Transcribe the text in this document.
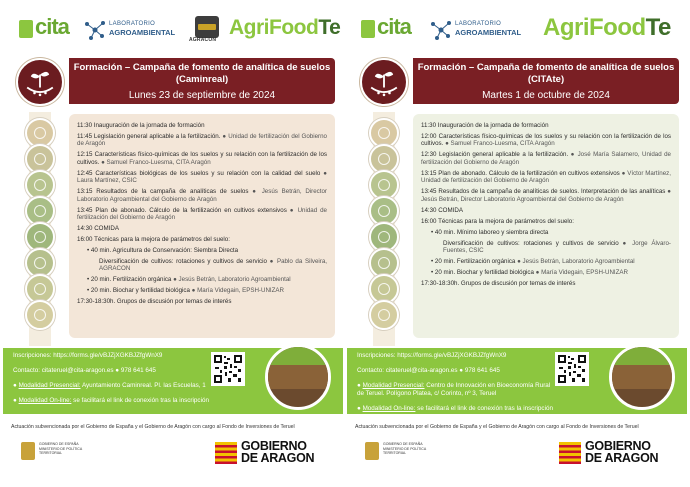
cita	LABORATORIO
AGROAMBIENTAL
AGRACON
AgriFoodTe
Formación – Campaña de fomento de analítica de suelos (Caminreal)
Lunes 23 de septiembre de 2024
11:30 Inauguración de la jornada de formación
11:45 Legislación general aplicable a la fertilización. ● Unidad de fertilización del Gobierno de Aragón
12:15 Características físico-químicas de los suelos y su relación con la fertilización de los cultivos. ● Samuel Franco-Luesma, CITA Aragón
12:45 Características biológicas de los suelos y su relación con la calidad del suelo ● Laura Martínez, CSIC
13:15 Resultados de la campaña de analíticas de suelos ● Jesús Betrán, Director Laboratorio Agroambiental del Gobierno de Aragón
13:45 Plan de abonado. Cálculo de la fertilización en cultivos extensivos ● Unidad de fertilización del Gobierno de Aragón
14:30 COMIDA
16:00 Técnicas para la mejora de parámetros del suelo:
• 40 min. Agricultura de Conservación: Siembra Directa
Diversificación de cultivos: rotaciones y cultivos de servicio ● Pablo da Silveira, AGRACON
• 20 min. Fertilización orgánica ● Jesús Betrán, Laboratorio Agroambiental
• 20 min. Biochar y fertilidad biológica ● María Videgain, EPSH-UNIZAR
17:30-18:30h. Grupos de discusión por temas de interés
Inscripciones: https://forms.gle/vBJZjXGKBJZfgWnX9
Contacto: citateruel@cita-aragon.es ● 978 641 645
● Modalidad Presencial: Ayuntamiento Caminreal. Pl. las Escuelas, 1
● Modalidad On-line: se facilitará el link de conexión tras la inscripción
Actuación subvencionada por el Gobierno de España y el Gobierno de Aragón con cargo al Fondo de Inversiones de Teruel
GOBIERNO DE ESPAÑA MINISTERIO DE POLÍTICA TERRITORIAL	GOBIERNO
DE ARAGON
cita	LABORATORIO
AGROAMBIENTAL AgriFoodTe
Formación – Campaña de fomento de analítica de suelos (CITAte)
Martes 1 de octubre de 2024
11:30 Inauguración de la jornada de formación
12:00 Características físico-químicas de los suelos y su relación con la fertilización de los cultivos. ● Samuel Franco-Luesma, CITA Aragón
12:30 Legislación general aplicable a la fertilización. ● José María Salamero, Unidad de fertilización del Gobierno de Aragón
13:15 Plan de abonado. Cálculo de la fertilización en cultivos extensivos ● Víctor Martínez, Unidad de fertilización del Gobierno de Aragón
13:45 Resultados de la campaña de analíticas de suelos. Interpretación de las analíticas ● Jesús Betrán, Director Laboratorio Agroambiental del Gobierno de Aragón
14:30 COMIDA
16:00 Técnicas para la mejora de parámetros del suelo:
• 40 min. Mínimo laboreo y siembra directa
Diversificación de cultivos: rotaciones y cultivos de servicio ● Jorge Álvaro-Fuentes, CSIC
• 20 min. Fertilización orgánica ● Jesús Betrán, Laboratorio Agroambiental
• 20 min. Biochar y fertilidad biológica ● María Videgain, EPSH-UNIZAR
17:30-18:30h. Grupos de discusión por temas de interés
Inscripciones: https://forms.gle/vBJZjXGKBJZfgWnX9
Contacto: citateruel@cita-aragon.es ● 978 641 645
● Modalidad Presencial: Centro de Innovación en Bioeconomía Rural de Teruel. Polígono Platea, c/ Corinto, nº 3, Teruel
● Modalidad On-line: se facilitará el link de conexión tras la inscripción
Actuación subvencionada por el Gobierno de España y el Gobierno de Aragón con cargo al Fondo de Inversiones de Teruel
GOBIERNO DE ESPAÑA MINISTERIO DE POLÍTICA TERRITORIAL	GOBIERNO
DE ARAGON
